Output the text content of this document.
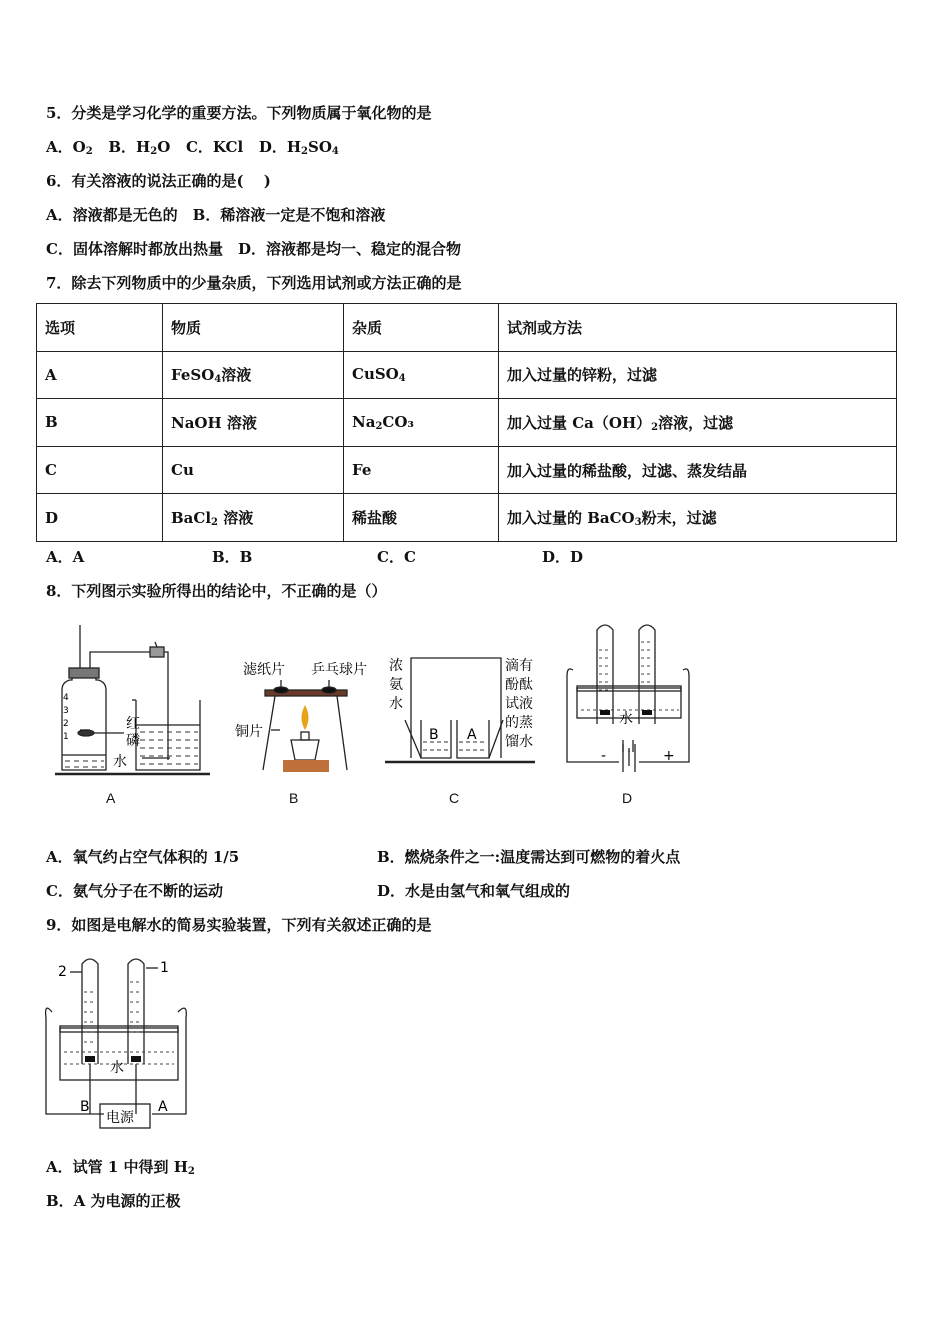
5．分类是学习化学的重要方法。下列物质属于氧化物的是
A．$O_2$ B．$H_2O$ C．KCl D．$H_2SO_4$
6．有关溶液的说法正确的是(　 )
A．溶液都是无色的　B．稀溶液一定是不饱和溶液
C．固体溶解时都放出热量　D．溶液都是均一、稳定的混合物
7．除去下列物质中的少量杂质，下列选用试剂或方法正确的是
选项	物质	杂质	试剂或方法
A	FeSO$_4$溶液	CuSO$_4$	加入过量的锌粉，过滤
B	NaOH 溶液	$Na_2CO_3$	加入过量 $Ca(OH)_2$溶液，过滤
C	Cu	Fe	加入过量的稀盐酸，过滤、蒸发结晶
D	BaCl$_2$ 溶液	稀盐酸	加入过量的 BaCO$_3$粉末，过滤
A．A	B．B	C．C	D．D
8．下列图示实验所得出的结论中，不正确的是（）
4
3
2
1
红
磷
水
A
滤纸片 乒乓球片
铜片
B
浓
氨
水
滴有
酚酞
试液
的蒸
馏水
B A
C
水
-	+
D
A．氧气约占空气体积的 1/5	B．燃烧条件之一:温度需达到可燃物的着火点
C．氨气分子在不断的运动	D．水是由氢气和氧气组成的
9．如图是电解水的简易实验装置，下列有关叙述正确的是
2	1
水
B	A
电源
A．试管 1 中得到 $H_2$
B．A 为电源的正极
